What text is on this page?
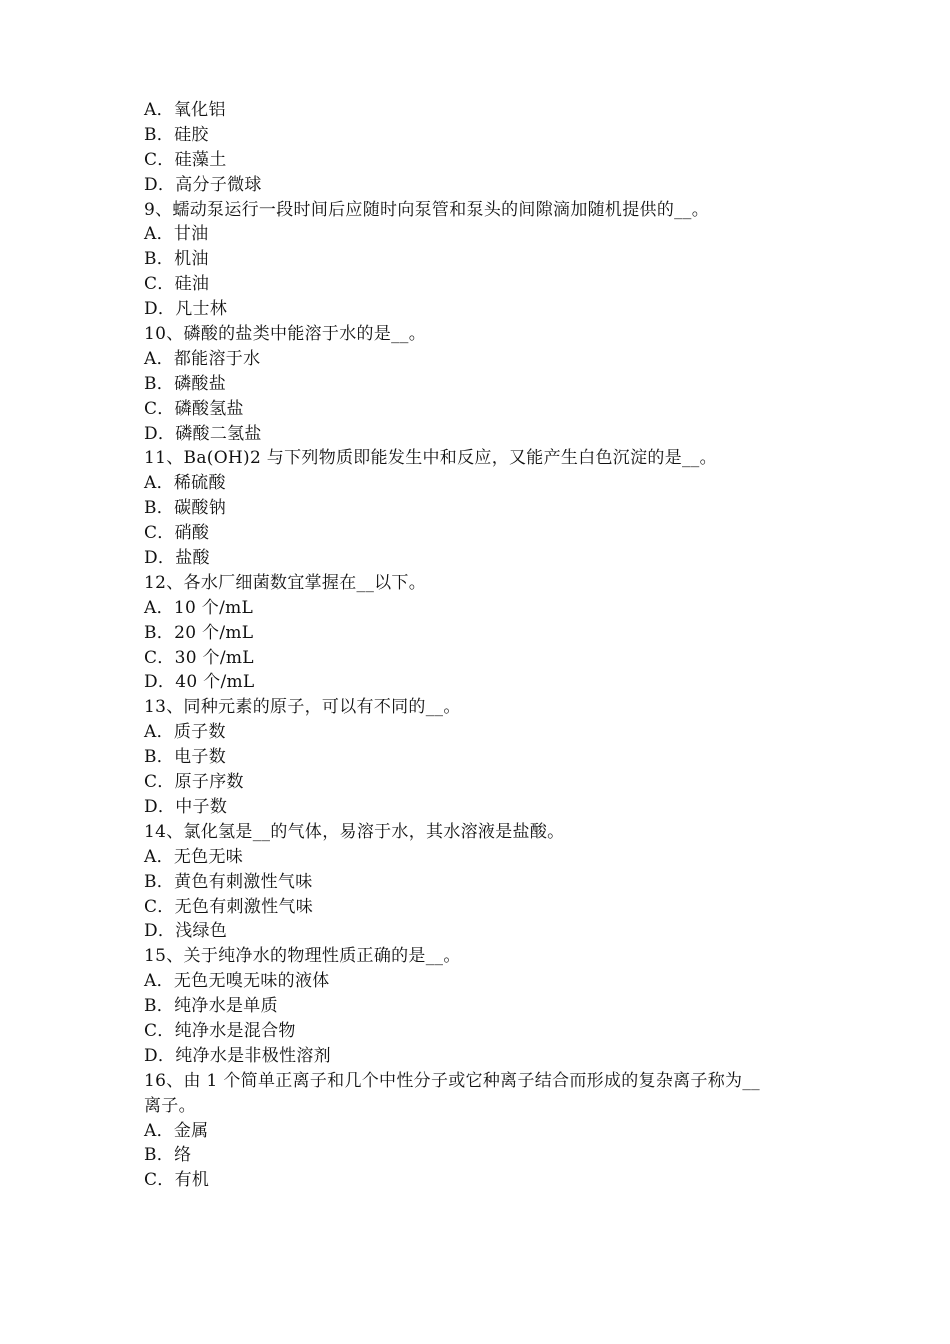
A．氧化铝
B．硅胶
C．硅藻土
D．高分子微球
9、蠕动泵运行一段时间后应随时向泵管和泵头的间隙滴加随机提供的__。
A．甘油
B．机油
C．硅油
D．凡士林
10、磷酸的盐类中能溶于水的是__。
A．都能溶于水
B．磷酸盐
C．磷酸氢盐
D．磷酸二氢盐
11、Ba(OH)2 与下列物质即能发生中和反应，又能产生白色沉淀的是__。
A．稀硫酸
B．碳酸钠
C．硝酸
D．盐酸
12、各水厂细菌数宜掌握在__以下。
A．10 个/mL
B．20 个/mL
C．30 个/mL
D．40 个/mL
13、同种元素的原子，可以有不同的__。
A．质子数
B．电子数
C．原子序数
D．中子数
14、氯化氢是__的气体，易溶于水，其水溶液是盐酸。
A．无色无味
B．黄色有刺激性气味
C．无色有刺激性气味
D．浅绿色
15、关于纯净水的物理性质正确的是__。
A．无色无嗅无味的液体
B．纯净水是单质
C．纯净水是混合物
D．纯净水是非极性溶剂
16、由 1 个简单正离子和几个中性分子或它种离子结合而形成的复杂离子称为__
离子。
A．金属
B．络
C．有机
